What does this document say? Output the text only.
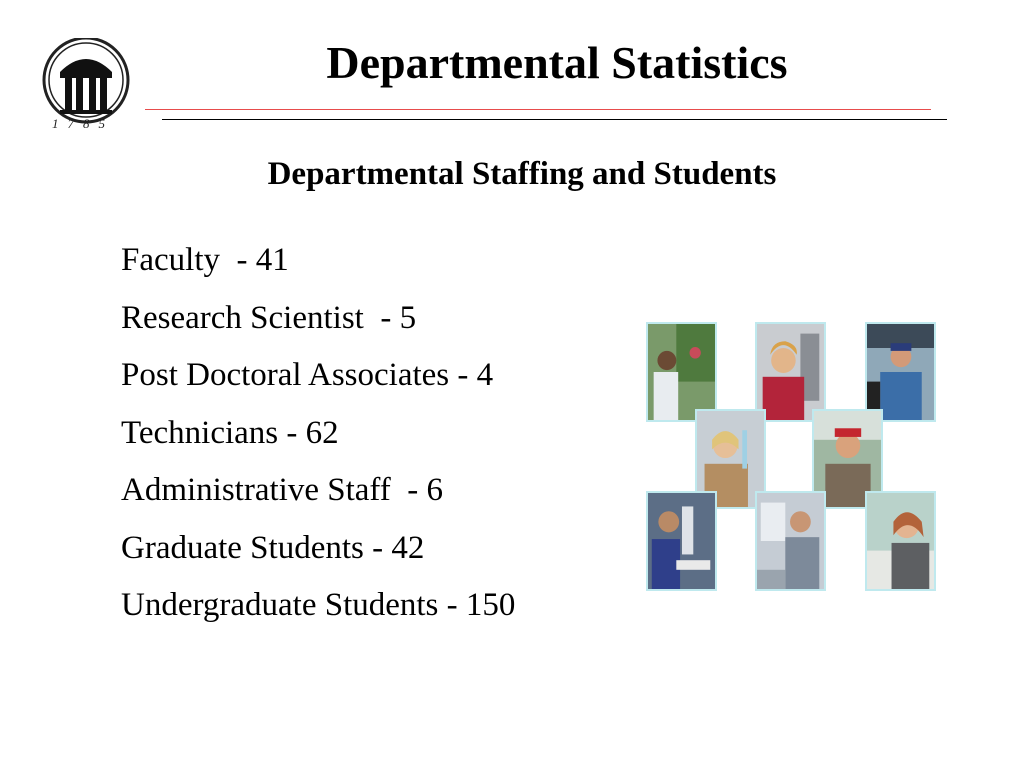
1785
Departmental Statistics
Departmental Staffing and Students
Faculty  - 41
Research Scientist  - 5
Post Doctoral Associates - 4
Technicians - 62
Administrative Staff  - 6
Graduate Students - 42
Undergraduate Students - 150
